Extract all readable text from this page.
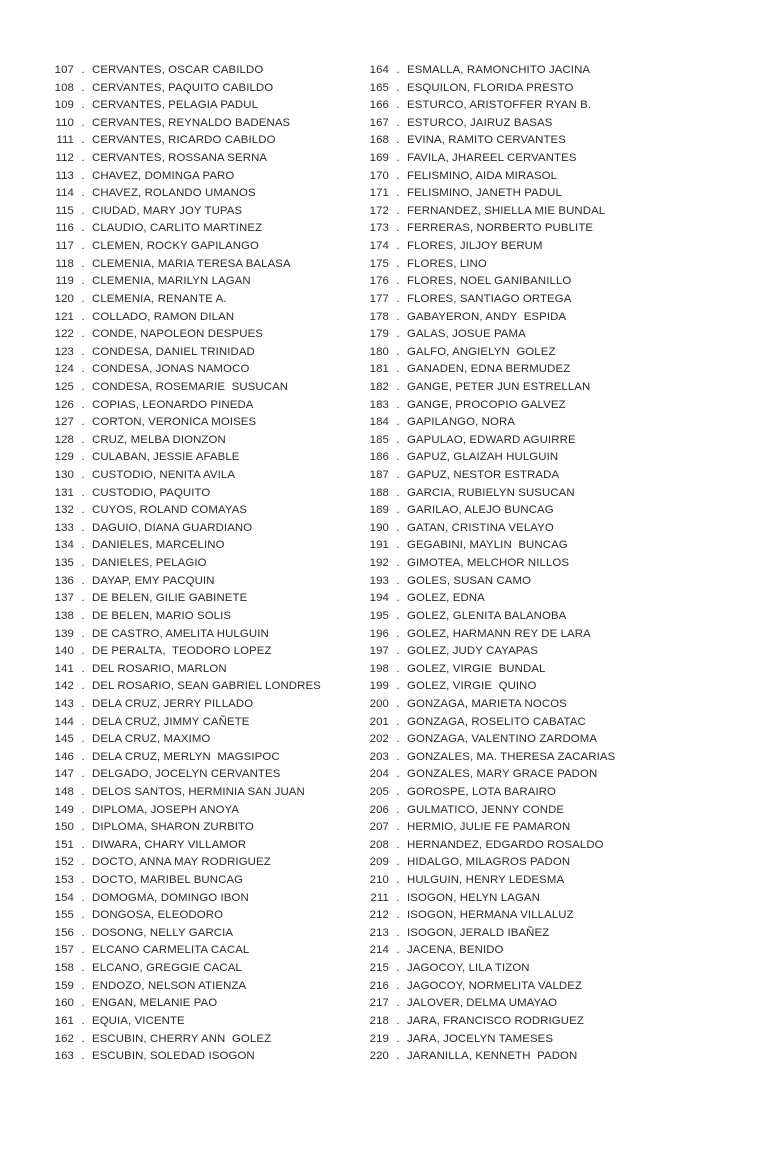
107 . CERVANTES, OSCAR CABILDO
108 . CERVANTES, PAQUITO CABILDO
109 . CERVANTES, PELAGIA PADUL
110 . CERVANTES, REYNALDO BADENAS
111 . CERVANTES, RICARDO CABILDO
112 . CERVANTES, ROSSANA SERNA
113 . CHAVEZ, DOMINGA PARO
114 . CHAVEZ, ROLANDO UMANOS
115 . CIUDAD, MARY JOY TUPAS
116 . CLAUDIO, CARLITO MARTINEZ
117 . CLEMEN, ROCKY GAPILANGO
118 . CLEMENIA, MARIA TERESA BALASA
119 . CLEMENIA, MARILYN LAGAN
120 . CLEMENIA, RENANTE A.
121 . COLLADO, RAMON DILAN
122 . CONDE, NAPOLEON DESPUES
123 . CONDESA, DANIEL TRINIDAD
124 . CONDESA, JONAS NAMOCO
125 . CONDESA, ROSEMARIE  SUSUCAN
126 . COPIAS, LEONARDO PINEDA
127 . CORTON, VERONICA MOISES
128 . CRUZ, MELBA DIONZON
129 . CULABAN, JESSIE AFABLE
130 . CUSTODIO, NENITA AVILA
131 . CUSTODIO, PAQUITO
132 . CUYOS, ROLAND COMAYAS
133 . DAGUIO, DIANA GUARDIANO
134 . DANIELES, MARCELINO
135 . DANIELES, PELAGIO
136 . DAYAP, EMY PACQUIN
137 . DE BELEN, GILIE GABINETE
138 . DE BELEN, MARIO SOLIS
139 . DE CASTRO, AMELITA HULGUIN
140 . DE PERALTA,  TEODORO LOPEZ
141 . DEL ROSARIO, MARLON
142 . DEL ROSARIO, SEAN GABRIEL LONDRES
143 . DELA CRUZ, JERRY PILLADO
144 . DELA CRUZ, JIMMY CAÑETE
145 . DELA CRUZ, MAXIMO
146 . DELA CRUZ, MERLYN  MAGSIPOC
147 . DELGADO, JOCELYN CERVANTES
148 . DELOS SANTOS, HERMINIA SAN JUAN
149 . DIPLOMA, JOSEPH ANOYA
150 . DIPLOMA, SHARON ZURBITO
151 . DIWARA, CHARY VILLAMOR
152 . DOCTO, ANNA MAY RODRIGUEZ
153 . DOCTO, MARIBEL BUNCAG
154 . DOMOGMA, DOMINGO IBON
155 . DONGOSA, ELEODORO
156 . DOSONG, NELLY GARCIA
157 . ELCANO CARMELITA CACAL
158 . ELCANO, GREGGIE CACAL
159 . ENDOZO, NELSON ATIENZA
160 . ENGAN, MELANIE PAO
161 . EQUIA, VICENTE
162 . ESCUBIN, CHERRY ANN  GOLEZ
163 . ESCUBIN, SOLEDAD ISOGON
164 . ESMALLA, RAMONCHITO JACINA
165 . ESQUILON, FLORIDA PRESTO
166 . ESTURCO, ARISTOFFER RYAN B.
167 . ESTURCO, JAIRUZ BASAS
168 . EVINA, RAMITO CERVANTES
169 . FAVILA, JHAREEL CERVANTES
170 . FELISMINO, AIDA MIRASOL
171 . FELISMINO, JANETH PADUL
172 . FERNANDEZ, SHIELLA MIE BUNDAL
173 . FERRERAS, NORBERTO PUBLITE
174 . FLORES, JILJOY BERUM
175 . FLORES, LINO
176 . FLORES, NOEL GANIBANILLO
177 . FLORES, SANTIAGO ORTEGA
178 . GABAYERON, ANDY  ESPIDA
179 . GALAS, JOSUE PAMA
180 . GALFO, ANGIELYN  GOLEZ
181 . GANADEN, EDNA BERMUDEZ
182 . GANGE, PETER JUN ESTRELLAN
183 . GANGE, PROCOPIO GALVEZ
184 . GAPILANGO, NORA
185 . GAPULAO, EDWARD AGUIRRE
186 . GAPUZ, GLAIZAH HULGUIN
187 . GAPUZ, NESTOR ESTRADA
188 . GARCIA, RUBIELYN SUSUCAN
189 . GARILAO, ALEJO BUNCAG
190 . GATAN, CRISTINA VELAYO
191 . GEGABINI, MAYLIN  BUNCAG
192 . GIMOTEA, MELCHOR NILLOS
193 . GOLES, SUSAN CAMO
194 . GOLEZ, EDNA
195 . GOLEZ, GLENITA BALANOBA
196 . GOLEZ, HARMANN REY DE LARA
197 . GOLEZ, JUDY CAYAPAS
198 . GOLEZ, VIRGIE  BUNDAL
199 . GOLEZ, VIRGIE  QUINO
200 . GONZAGA, MARIETA NOCOS
201 . GONZAGA, ROSELITO CABATAC
202 . GONZAGA, VALENTINO ZARDOMA
203 . GONZALES, MA. THERESA ZACARIAS
204 . GONZALES, MARY GRACE PADON
205 . GOROSPE, LOTA BARAIRO
206 . GULMATICO, JENNY CONDE
207 . HERMIO, JULIE FE PAMARON
208 . HERNANDEZ, EDGARDO ROSALDO
209 . HIDALGO, MILAGROS PADON
210 . HULGUIN, HENRY LEDESMA
211 . ISOGON, HELYN LAGAN
212 . ISOGON, HERMANA VILLALUZ
213 . ISOGON, JERALD IBAÑEZ
214 . JACENA, BENIDO
215 . JAGOCOY, LILA TIZON
216 . JAGOCOY, NORMELITA VALDEZ
217 . JALOVER, DELMA UMAYAO
218 . JARA, FRANCISCO RODRIGUEZ
219 . JARA, JOCELYN TAMESES
220 . JARANILLA, KENNETH  PADON
